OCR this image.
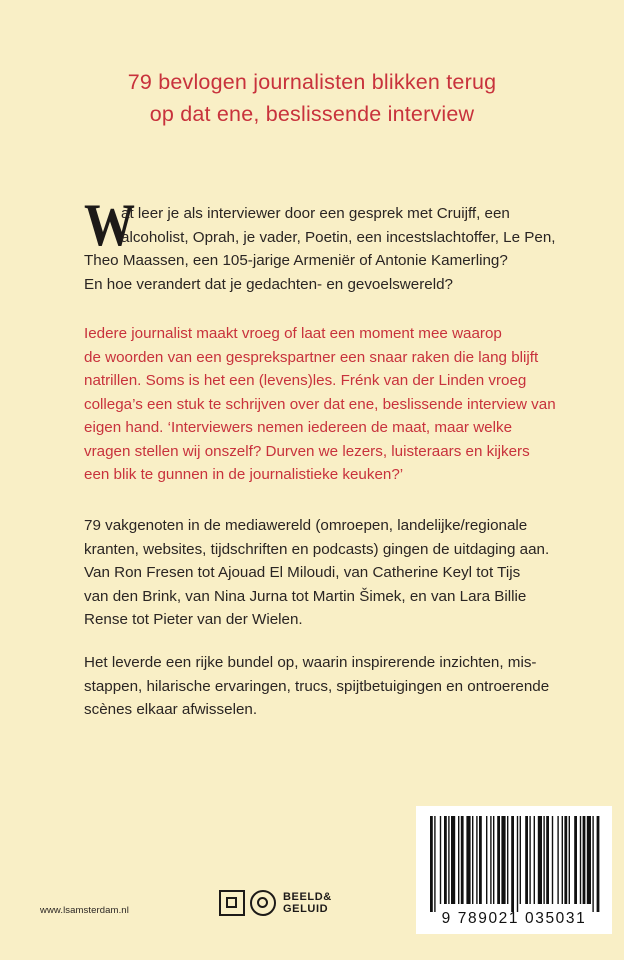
79 bevlogen journalisten blikken terug
op dat ene, beslissende interview
W
at leer je als interviewer door een gesprek met Cruijff, een
alcoholist, Oprah, je vader, Poetin, een incestslachtoffer, Le Pen,
Theo Maassen, een 105-jarige Armeniër of Antonie Kamerling?
En hoe verandert dat je gedachten- en gevoelswereld?
Iedere journalist maakt vroeg of laat een moment mee waarop
de woorden van een gesprekspartner een snaar raken die lang blijft
natrillen. Soms is het een (levens)les. Frénk van der Linden vroeg
collega’s een stuk te schrijven over dat ene, beslissende interview van
eigen hand. ‘Interviewers nemen iedereen de maat, maar welke
vragen stellen wij onszelf? Durven we lezers, luisteraars en kijkers
een blik te gunnen in de journalistieke keuken?’
79 vakgenoten in de mediawereld (omroepen, landelijke/regionale
kranten, websites, tijdschriften en podcasts) gingen de uitdaging aan.
Van Ron Fresen tot Ajouad El Miloudi, van Catherine Keyl tot Tijs
van den Brink, van Nina Jurna tot Martin Šimek, en van Lara Billie
Rense tot Pieter van der Wielen.
Het leverde een rijke bundel op, waarin inspirerende inzichten, mis-
stappen, hilarische ervaringen, trucs, spijtbetuigingen en ontroerende
scènes elkaar afwisselen.
www.lsamsterdam.nl
BEELD&
GELUID
9 789021 035031
